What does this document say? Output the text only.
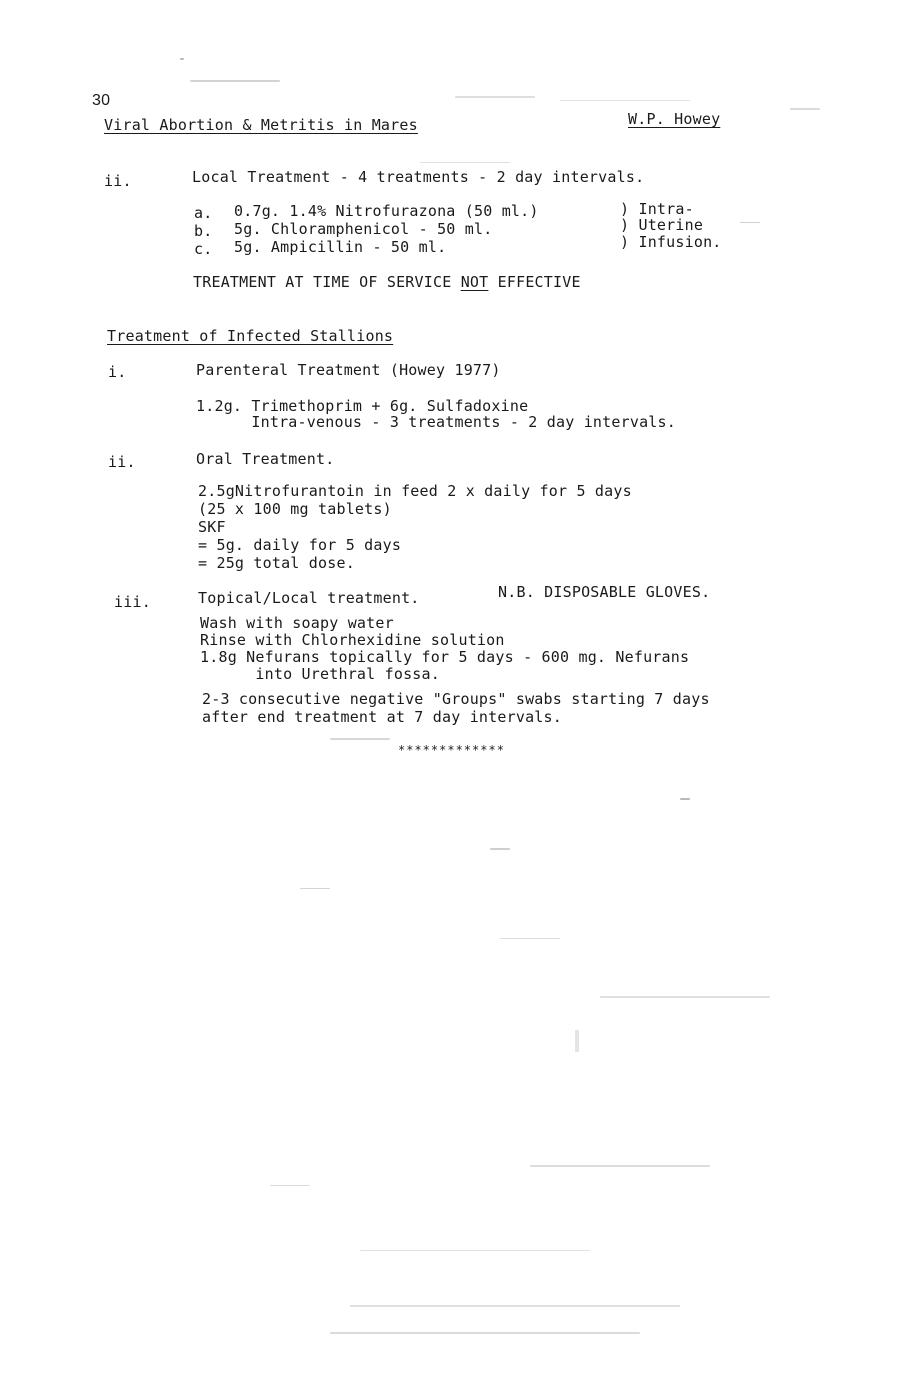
30
Viral Abortion & Metritis in Mares	W.P. Howey
ii.	Local Treatment - 4 treatments - 2 day intervals.
a. 0.7g. 1.4% Nitrofurazona (50 ml.)
b. 5g. Chloramphenicol - 50 ml.
c. 5g. Ampicillin - 50 ml.
) Intra-
) Uterine
) Infusion.
TREATMENT AT TIME OF SERVICE NOT EFFECTIVE
Treatment of Infected Stallions
i.	Parenteral Treatment (Howey 1977)
1.2g. Trimethoprim + 6g. Sulfadoxine
Intra-venous - 3 treatments - 2 day intervals.
ii.	Oral Treatment.
2.5gNitrofurantoin in feed 2 x daily for 5 days
(25 x 100 mg tablets)
SKF
= 5g. daily for 5 days
= 25g total dose.
iii.	Topical/Local treatment.	N.B. DISPOSABLE GLOVES.
Wash with soapy water
Rinse with Chlorhexidine solution
1.8g Nefurans topically for 5 days - 600 mg. Nefurans
into Urethral fossa.
2-3 consecutive negative "Groups" swabs starting 7 days
after end treatment at 7 day intervals.
*************
